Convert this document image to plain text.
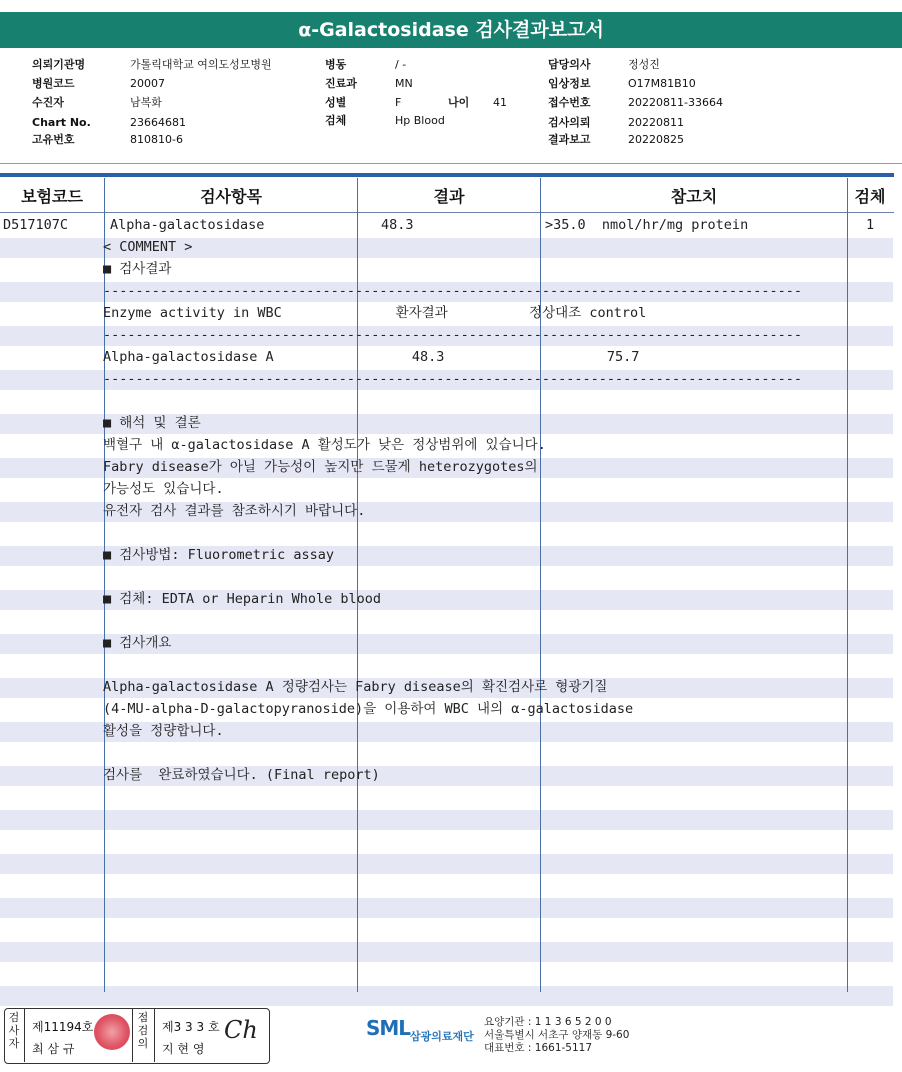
α-Galactosidase 검사결과보고서
의뢰기관명	가톨릭대학교 여의도성모병원
병원코드	20007
수진자	남복화
Chart No.	23664681
고유번호	810810-6
병동	/ -
진료과	MN
성별	F	나이	41
검체	Hp Blood
담당의사	정성진
임상정보	O17M81B10
접수번호	20220811-33664
검사의뢰	20220811
결과보고	20220825
보험코드	검사항목	결과	참고치	검체
D517107C	Alpha-galactosidase	48.3	>35.0  nmol/hr/mg protein	1
< COMMENT >
■ 검사결과
--------------------------------------------------------------------------------------
Enzyme activity in WBC              환자결과          정상대조 control
--------------------------------------------------------------------------------------
Alpha-galactosidase A                 48.3                    75.7
--------------------------------------------------------------------------------------
■ 해석 및 결론
백혈구 내 α-galactosidase A 활성도가 낮은 정상범위에 있습니다.
Fabry disease가 아닐 가능성이 높지만 드물게 heterozygotes의
가능성도 있습니다.
유전자 검사 결과를 참조하시기 바랍니다.
■ 검사방법: Fluorometric assay
■ 검체: EDTA or Heparin Whole blood
■ 검사개요
Alpha-galactosidase A 정량검사는 Fabry disease의 확진검사로 형광기질
(4-MU-alpha-D-galactopyranoside)을 이용하여 WBC 내의 α-galactosidase
활성을 정량합니다.
검사를  완료하였습니다. (Final report)
검사자
제11194호
최 삼 규
점검의
제3 3 3 호
지 현 영
Ch	SML 삼광의료재단
요양기관 : 1 1 3 6 5 2 0 0
서울특별시 서초구 양재동 9-60
대표번호 : 1661-5117
